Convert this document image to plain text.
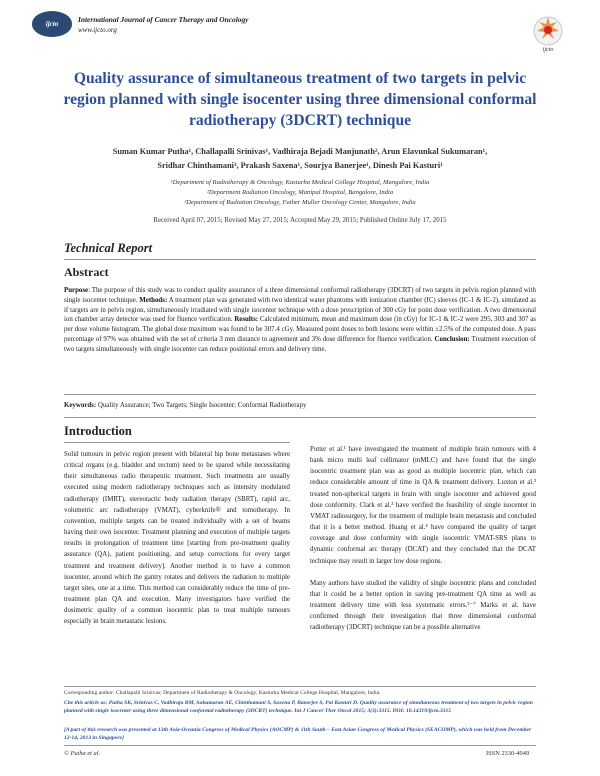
ijcto	International Journal of Cancer Therapy and Oncology
www.ijcto.org
ijcto
Quality assurance of simultaneous treatment of two targets in pelvic region planned with single isocenter using three dimensional conformal radiotherapy (3DCRT) technique
Suman Kumar Putha¹, Challapalli Srinivas¹, Vadhiraja Bejadi Manjunath², Arun Elavunkal Sukumaran¹,
Sridhar Chinthamani³, Prakash Saxena¹, Sourjya Banerjee¹, Dinesh Pai Kasturi¹
¹Department of Radiotherapy & Oncology, Kasturba Medical College Hospital, Mangalore, India
²Department Radiation Oncology, Manipal Hospital, Bangalore, India
³Department of Radiation Oncology, Father Muller Oncology Center, Mangalore, India
Received April 07, 2015; Revised May 27, 2015; Accepted May 29, 2015; Published Online July 17, 2015
Technical Report
Abstract
Purpose: The purpose of this study was to conduct quality assurance of a three dimensional conformal radiotherapy (3DCRT) of two targets in pelvis region planned with single isocenter technique. Methods: A treatment plan was generated with two identical water phantoms with ionization chamber (IC) sleeves (IC-1 & IC-2), simulated as if targets are in pelvis region, simultaneously irradiated with single isocenter technique with a dose prescription of 300 cGy for point dose verification. A two dimensional ion chamber array detector was used for fluence verification. Results: Calculated minimum, mean and maximum dose (in cGy) for IC-1 & IC-2 were 295, 303 and 307 as per dose volume histogram. The global dose maximum was found to be 307.4 cGy. Measured point doses to both lesions were within ±2.5% of the computed dose. A pass percentage of 97% was obtained with the set of criteria 3 mm distance to agreement and 3% dose difference for fluence verification. Conclusion: Treatment execution of two targets simultaneously with single isocenter can reduce positional errors and delivery time.
Keywords: Quality Assurance; Two Targets; Single Isocenter; Conformal Radiotherapy
Introduction

Solid tumours in pelvic region present with bilateral hip bone metastases where critical organs (e.g. bladder and rectum) need to be spared while necessitating their simultaneous radio therapeutic treatment. Such treatments are usually executed using modern radiotherapy techniques such as intensity modulated radiotherapy (IMRT), stereotactic body radiation therapy (SBRT), rapid arc, volumetric arc radiotherapy (VMAT), cyberknife® and tomotherapy. In convention, multiple targets can be treated individually with a set of beams having their own isocenter. Treatment planning and execution of multiple targets results in prolongation of treatment time [starting from pre-treatment quality assurance (QA), patient positioning, and setup corrections for every target treatment and treatment delivery]. Another method is to have a common isocenter, around which the gantry rotates and delivers the radiation to multiple target sites, one at a time. This method can considerably reduce the time of pre-treatment plan QA and execution. Many investigators have verified the dosimetric quality of a common isocentric plan to treat multiple tumours especially in brain metastatic lesions.

Potter et al.¹ have investigated the treatment of multiple brain tumours with 4 bank micro multi leaf collimator (mMLC) and have found that the single isocentric treatment plan was as good as multiple isocentric plan, which can reduce considerable amount of time in QA & treatment delivery. Luxton et al.² treated non-spherical targets in brain with single isocenter and achieved good dose conformity. Clark et al.³ have verified the feasibility of single isocenter in VMAT radiosurgery, for the treatment of multiple brain metastasis and concluded that it is a better method. Huang et al.⁴ have compared the quality of target coverage and dose conformity with single isocentric VMAT-SRS plans to dynamic conformal arc therapy (DCAT) and they concluded that the DCAT technique may result in larger low dose regions.

Many authors have studied the validity of single isocentric plans and concluded that it could be a better option in saving pre-treatment QA time as well as treatment delivery time with less systematic errors.⁵⁻⁷ Marks et al. have confirmed through their investigation that three dimensional conformal radiotherapy (3DCRT) technique can be a possible alternative

Corresponding author: Challapalli Srinivas; Department of Radiotherapy & Oncology, Kasturba Medical College Hospital, Mangalore, India.
Cite this article as: Putha SK, Srinivas C, Vadhiraja BM, Sukumaran AE, Chinthamani S, Saxena P, Banerjee S, Pai Kasturi D. Quality assurance of simultaneous treatment of two targets in pelvic region planned with single isocenter using three dimensional conformal radiotherapy (3DCRT) technique. Int J Cancer Ther Oncol 2015; 3(3):3315. DOI: 10.14319/ijcto.3315
[A part of this research was presented at 13th Asia-Oceania Congress of Medical Physics (AOCMP) & 11th South – East Asian Congress of Medical Physics (SEACOMP), which was held from December 12-14, 2013 in Singapore]
© Putha et al.	ISSN 2330-4049
